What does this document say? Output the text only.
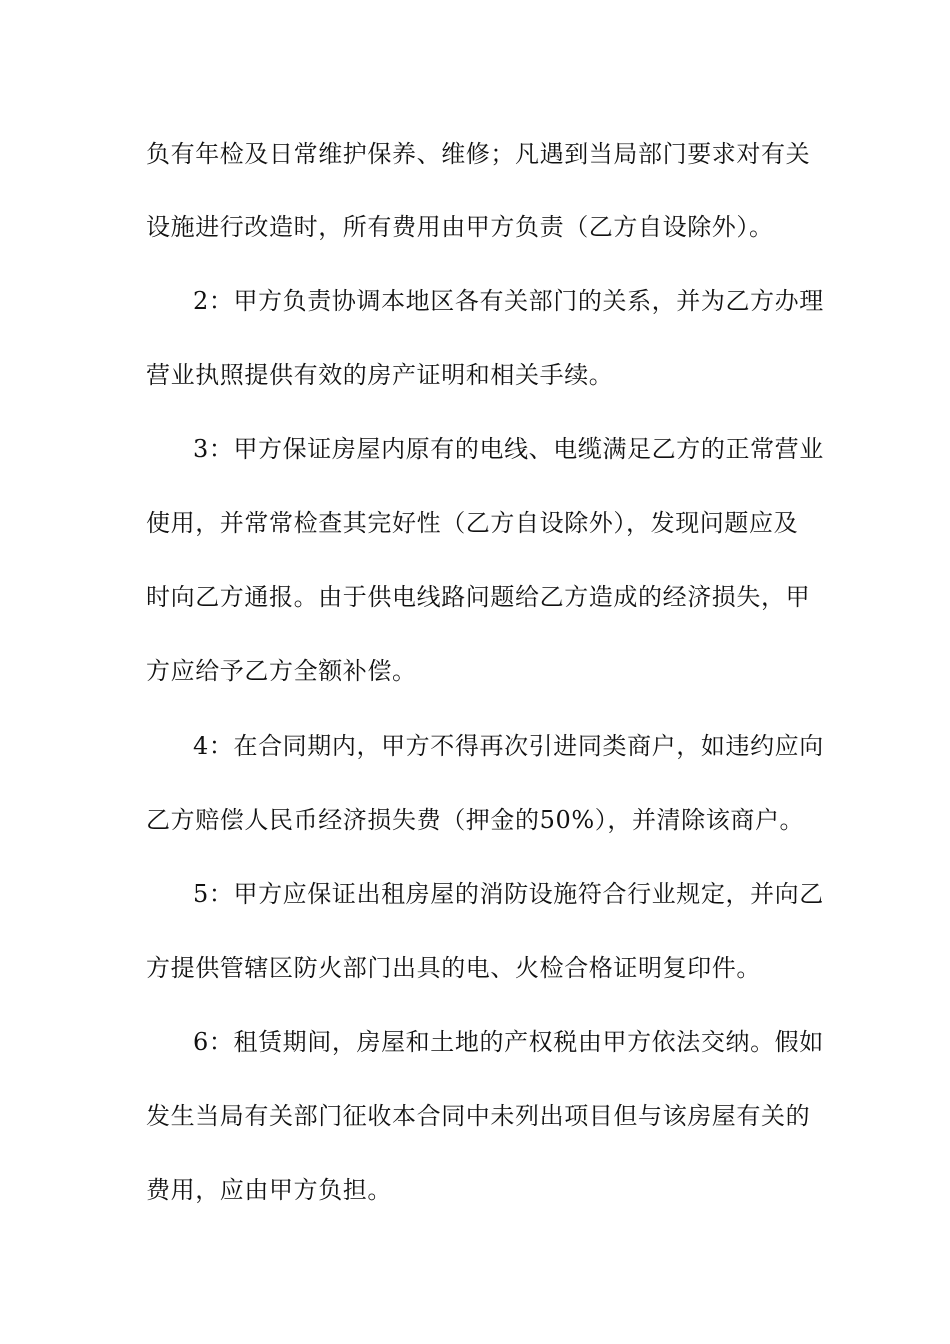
负有年检及日常维护保养、维修；凡遇到当局部门要求对有关
设施进行改造时，所有费用由甲方负责（乙方自设除外）。
2：甲方负责协调本地区各有关部门的关系，并为乙方办理
营业执照提供有效的房产证明和相关手续。
3：甲方保证房屋内原有的电线、电缆满足乙方的正常营业
使用，并常常检查其完好性（乙方自设除外），发现问题应及
时向乙方通报。由于供电线路问题给乙方造成的经济损失，甲
方应给予乙方全额补偿。
4：在合同期内，甲方不得再次引进同类商户，如违约应向
乙方赔偿人民币经济损失费（押金的50%），并清除该商户。
5：甲方应保证出租房屋的消防设施符合行业规定，并向乙
方提供管辖区防火部门出具的电、火检合格证明复印件。
6：租赁期间，房屋和土地的产权税由甲方依法交纳。假如
发生当局有关部门征收本合同中未列出项目但与该房屋有关的
费用，应由甲方负担。
